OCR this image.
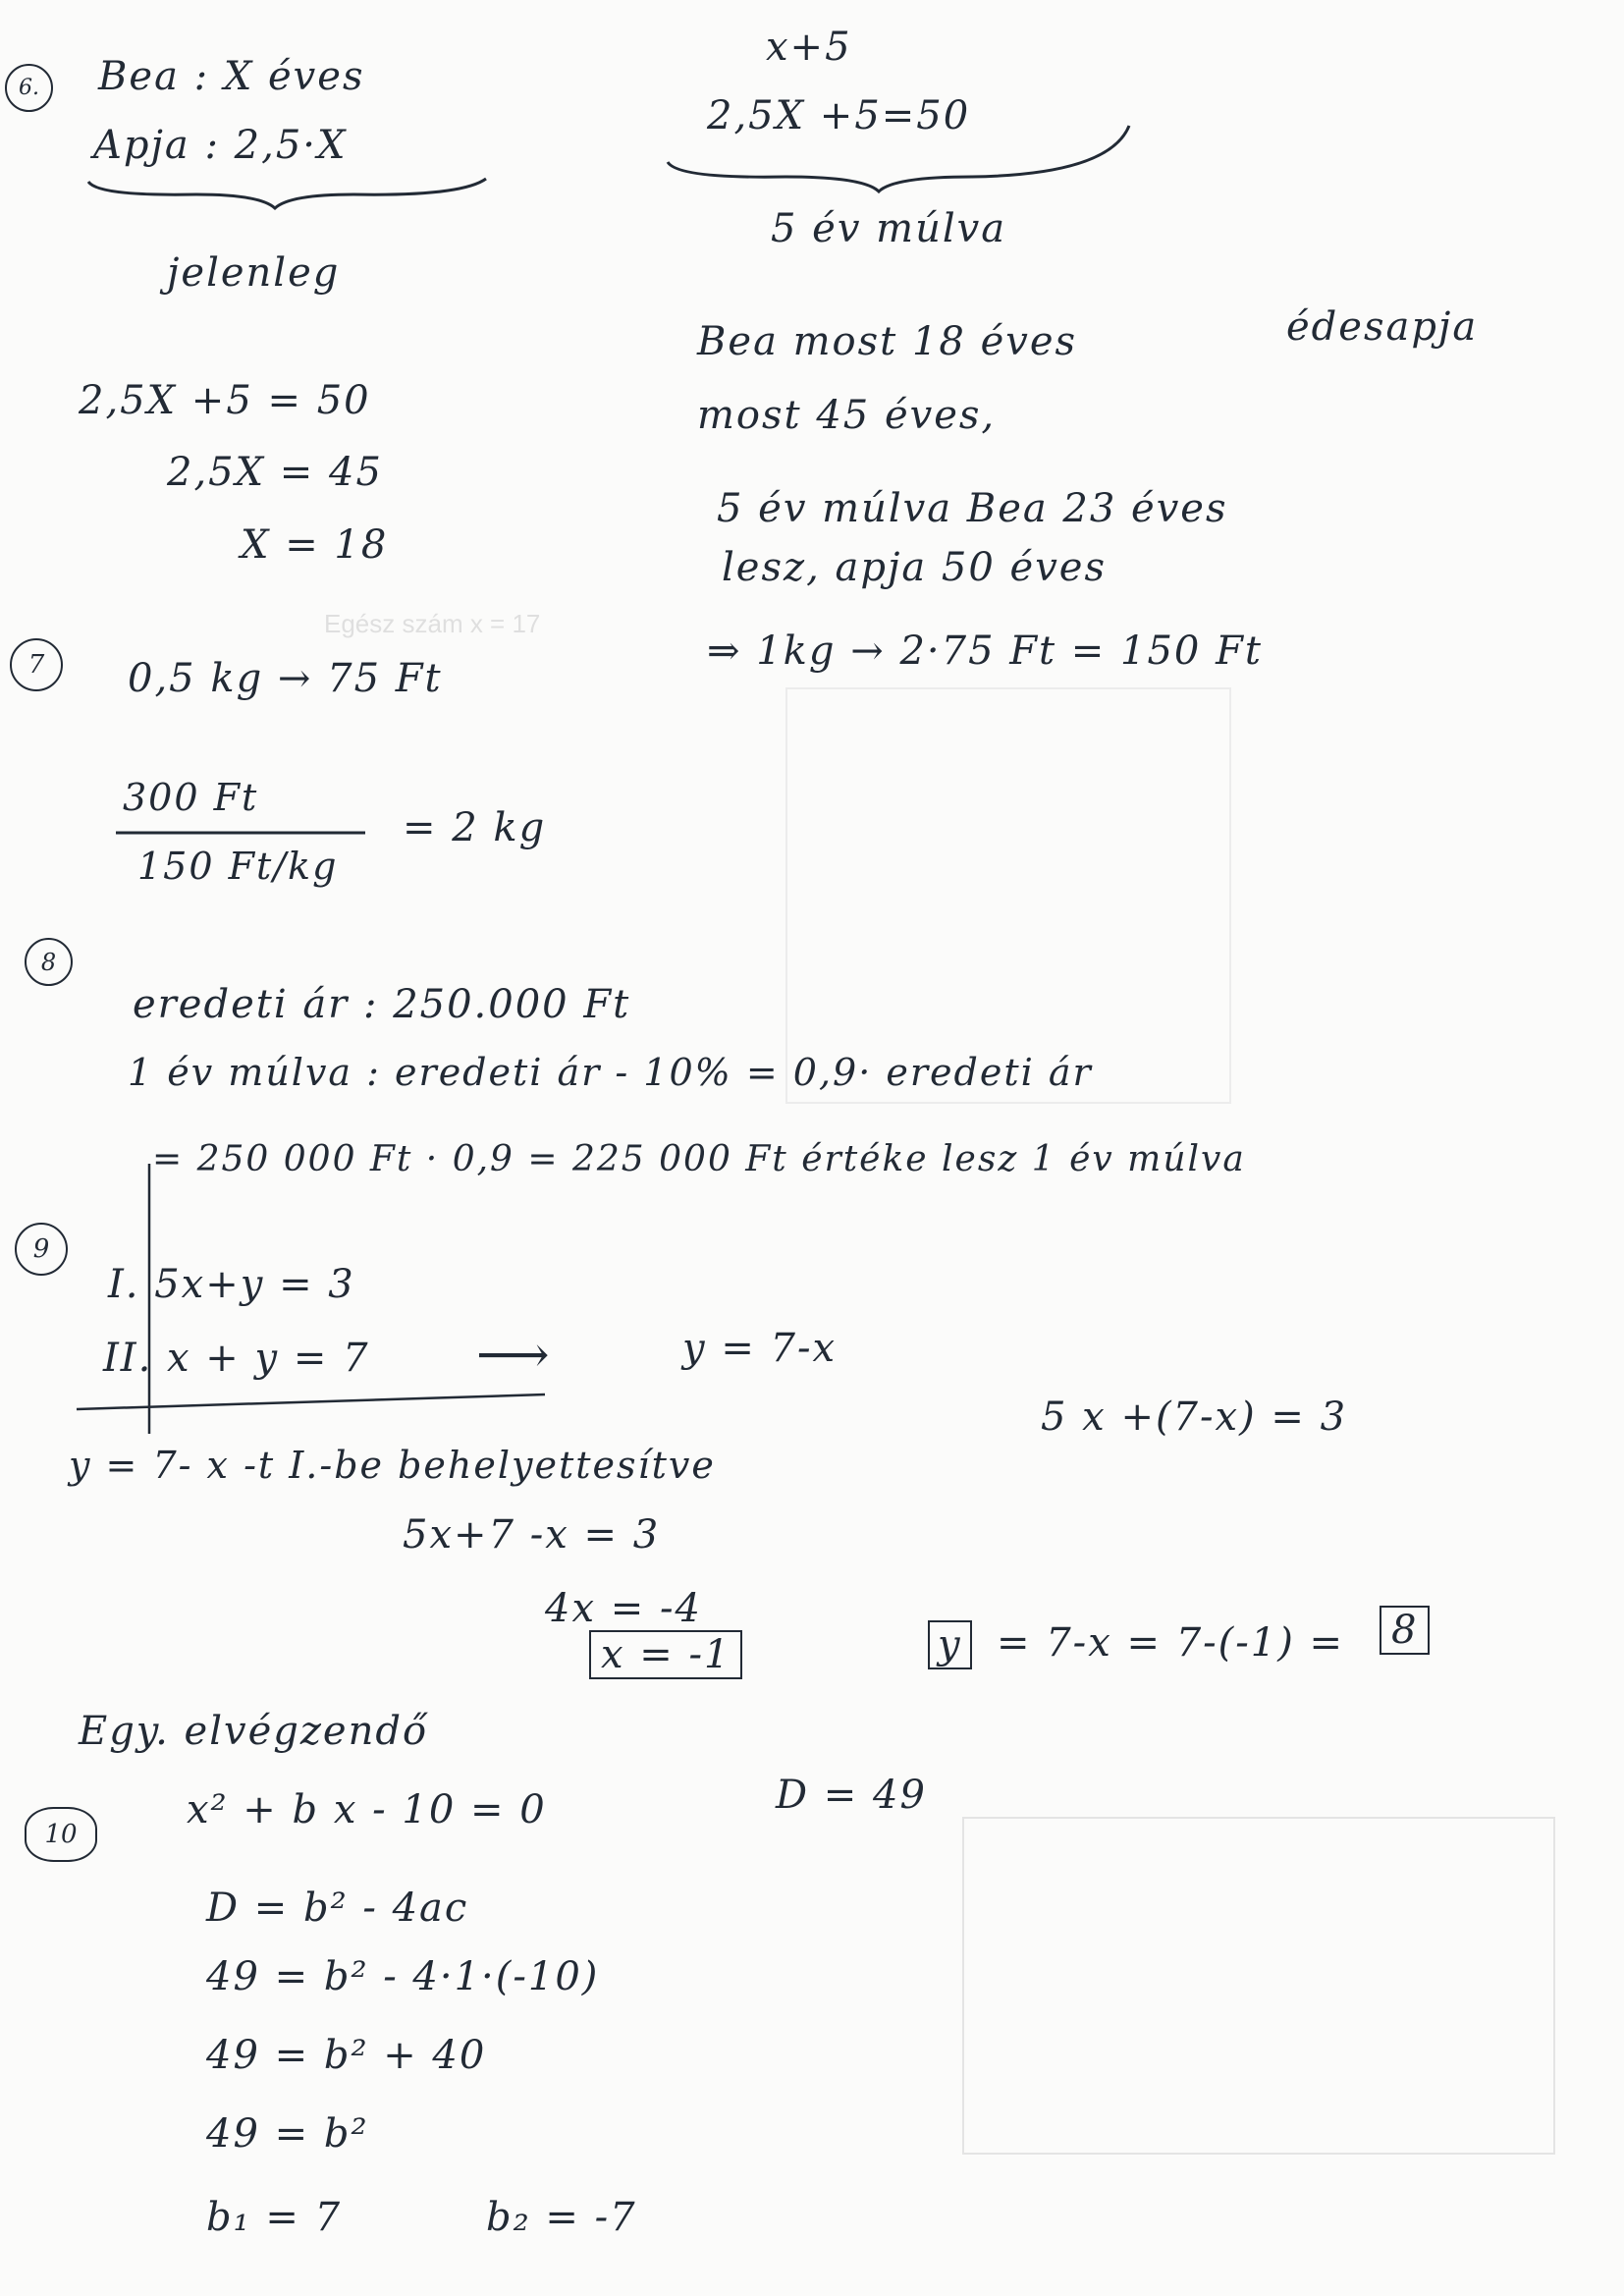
Egész szám x = 17
6.	Bea : X éves
Apja : 2,5·X
jelenleg
x+5
2,5X +5=50
5 év múlva
2,5X +5 = 50
2,5X = 45
X = 18
Bea most 18 éves	édesapja
most 45 éves,
5 év múlva Bea 23 éves
lesz, apja 50 éves
7	0,5 kg → 75 Ft
⇒ 1kg → 2·75 Ft = 150 Ft
300 Ft
150 Ft/kg
= 2 kg
8
eredeti ár : 250.000 Ft
1 év múlva : eredeti ár - 10% = 0,9· eredeti ár
= 250 000 Ft · 0,9 = 225 000 Ft értéke lesz 1 év múlva
9
I. 5x+y = 3
II. x + y = 7 ⟶	y = 7-x
y = 7- x -t I.-be behelyettesítve
5 x +(7-x) = 3
5x+7 -x = 3
4x = -4
x = -1	y = 7-x = 7-(-1) =	8
Egy. elvégzendő
10
x² + b x - 10 = 0	D = 49
D = b² - 4ac
49 = b² - 4·1·(-10)
49 = b² + 40
49 = b²
b₁ = 7	b₂ = -7
